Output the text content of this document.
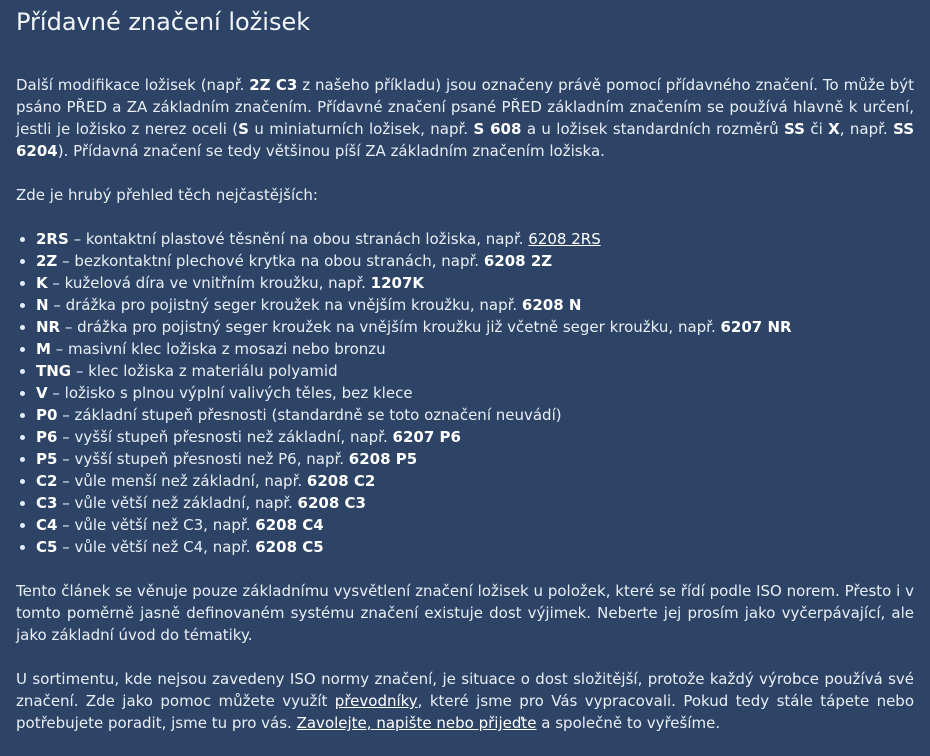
Přídavné značení ložisek

Další modifikace ložisek (např. 2Z C3 z našeho příkladu) jsou označeny právě pomocí přídavného značení. To může být psáno PŘED a ZA základním značením. Přídavné značení psané PŘED základním značením se používá hlavně k určení, jestli je ložisko z nerez oceli (S u miniaturních ložisek, např. S 608 a u ložisek standardních rozměrů SS či X, např. SS 6204). Přídavná značení se tedy většinou píší ZA základním značením ložiska.

Zde je hrubý přehled těch nejčastějších:

• 2RS – kontaktní plastové těsnění na obou stranách ložiska, např. 6208 2RS
• 2Z – bezkontaktní plechové krytka na obou stranách, např. 6208 2Z
• K – kuželová díra ve vnitřním kroužku, např. 1207K
• N – drážka pro pojistný seger kroužek na vnějším kroužku, např. 6208 N
• NR – drážka pro pojistný seger kroužek na vnějším kroužku již včetně seger kroužku, např. 6207 NR
• M – masivní klec ložiska z mosazi nebo bronzu
• TNG – klec ložiska z materiálu polyamid
• V – ložisko s plnou výplní valivých těles, bez klece
• P0 – základní stupeň přesnosti (standardně se toto označení neuvádí)
• P6 – vyšší stupeň přesnosti než základní, např. 6207 P6
• P5 – vyšší stupeň přesnosti než P6, např. 6208 P5
• C2 – vůle menší než základní, např. 6208 C2
• C3 – vůle větší než základní, např. 6208 C3
• C4 – vůle větší než C3, např. 6208 C4
• C5 – vůle větší než C4, např. 6208 C5

Tento článek se věnuje pouze základnímu vysvětlení značení ložisek u položek, které se řídí podle ISO norem. Přesto i v tomto poměrně jasně definovaném systému značení existuje dost výjimek. Neberte jej prosím jako vyčerpávající, ale jako základní úvod do tématiky.

U sortimentu, kde nejsou zavedeny ISO normy značení, je situace o dost složitější, protože každý výrobce používá své značení. Zde jako pomoc můžete využít převodníky, které jsme pro Vás vypracovali. Pokud tedy stále tápete nebo potřebujete poradit, jsme tu pro vás. Zavolejte, napište nebo přijeďte a společně to vyřešíme.
